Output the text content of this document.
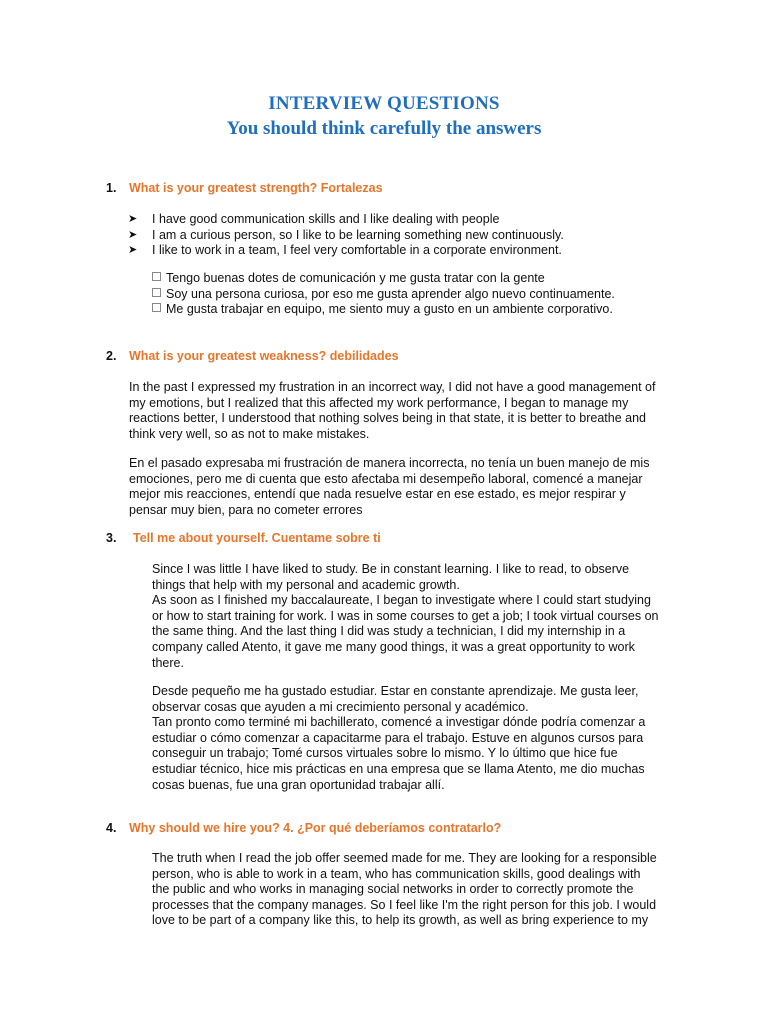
INTERVIEW QUESTIONS
You should think carefully the answers
1. What is your greatest strength? Fortalezas
➤ I have good communication skills and I like dealing with people
➤ I am a curious person, so I like to be learning something new continuously.
➤ I like to work in a team, I feel very comfortable in a corporate environment.
Tengo buenas dotes de comunicación y me gusta tratar con la gente
Soy una persona curiosa, por eso me gusta aprender algo nuevo continuamente.
Me gusta trabajar en equipo, me siento muy a gusto en un ambiente corporativo.
2. What is your greatest weakness? debilidades
In the past I expressed my frustration in an incorrect way, I did not have a good management of
my emotions, but I realized that this affected my work performance, I began to manage my
reactions better, I understood that nothing solves being in that state, it is better to breathe and
think very well, so as not to make mistakes.
En el pasado expresaba mi frustración de manera incorrecta, no tenía un buen manejo de mis
emociones, pero me di cuenta que esto afectaba mi desempeño laboral, comencé a manejar
mejor mis reacciones, entendí que nada resuelve estar en ese estado, es mejor respirar y
pensar muy bien, para no cometer errores
3. Tell me about yourself. Cuentame sobre ti
Since I was little I have liked to study. Be in constant learning. I like to read, to observe
things that help with my personal and academic growth.
As soon as I finished my baccalaureate, I began to investigate where I could start studying
or how to start training for work. I was in some courses to get a job; I took virtual courses on
the same thing. And the last thing I did was study a technician, I did my internship in a
company called Atento, it gave me many good things, it was a great opportunity to work
there.
Desde pequeño me ha gustado estudiar. Estar en constante aprendizaje. Me gusta leer,
observar cosas que ayuden a mi crecimiento personal y académico.
Tan pronto como terminé mi bachillerato, comencé a investigar dónde podría comenzar a
estudiar o cómo comenzar a capacitarme para el trabajo. Estuve en algunos cursos para
conseguir un trabajo; Tomé cursos virtuales sobre lo mismo. Y lo último que hice fue
estudiar técnico, hice mis prácticas en una empresa que se llama Atento, me dio muchas
cosas buenas, fue una gran oportunidad trabajar allí.
4. Why should we hire you? 4. ¿Por qué deberíamos contratarlo?
The truth when I read the job offer seemed made for me. They are looking for a responsible
person, who is able to work in a team, who has communication skills, good dealings with
the public and who works in managing social networks in order to correctly promote the
processes that the company manages. So I feel like I'm the right person for this job. I would
love to be part of a company like this, to help its growth, as well as bring experience to my
